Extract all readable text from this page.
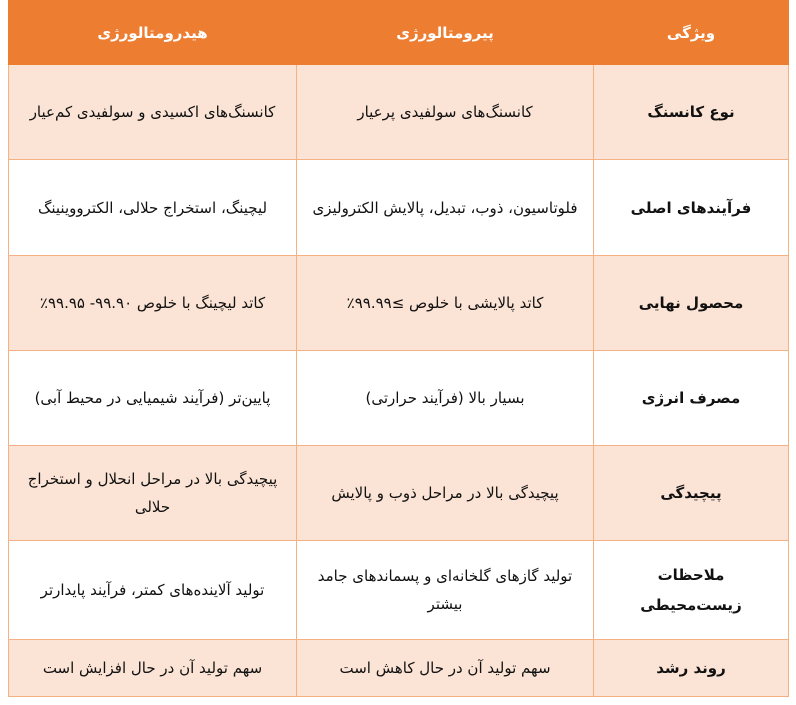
ویژگی	پیرومتالورژی	هیدرومتالورژی
نوع کانسنگ	کانسنگ‌های سولفیدی پرعیار	کانسنگ‌های اکسیدی و سولفیدی کم‌عیار
فرآیندهای اصلی	فلوتاسیون، ذوب، تبدیل، پالایش الکترولیزی	لیچینگ، استخراج حلالی، الکترووینینگ
محصول نهایی	کاتد پالایشی با خلوص ≥۹۹.۹۹٪	کاتد لیچینگ با خلوص ۹۹.۹۰- ۹۹.۹۵٪
مصرف انرژی	بسیار بالا (فرآیند حرارتی)	پایین‌تر (فرآیند شیمیایی در محیط آبی)
پیچیدگی	پیچیدگی بالا در مراحل ذوب و پالایش	پیچیدگی بالا در مراحل انحلال و استخراج حلالی
ملاحظات زیست‌محیطی	تولید گازهای گلخانه‌ای و پسماندهای جامد بیشتر	تولید آلاینده‌های کمتر، فرآیند پایدارتر
روند رشد	سهم تولید آن در حال کاهش است	سهم تولید آن در حال افزایش است
